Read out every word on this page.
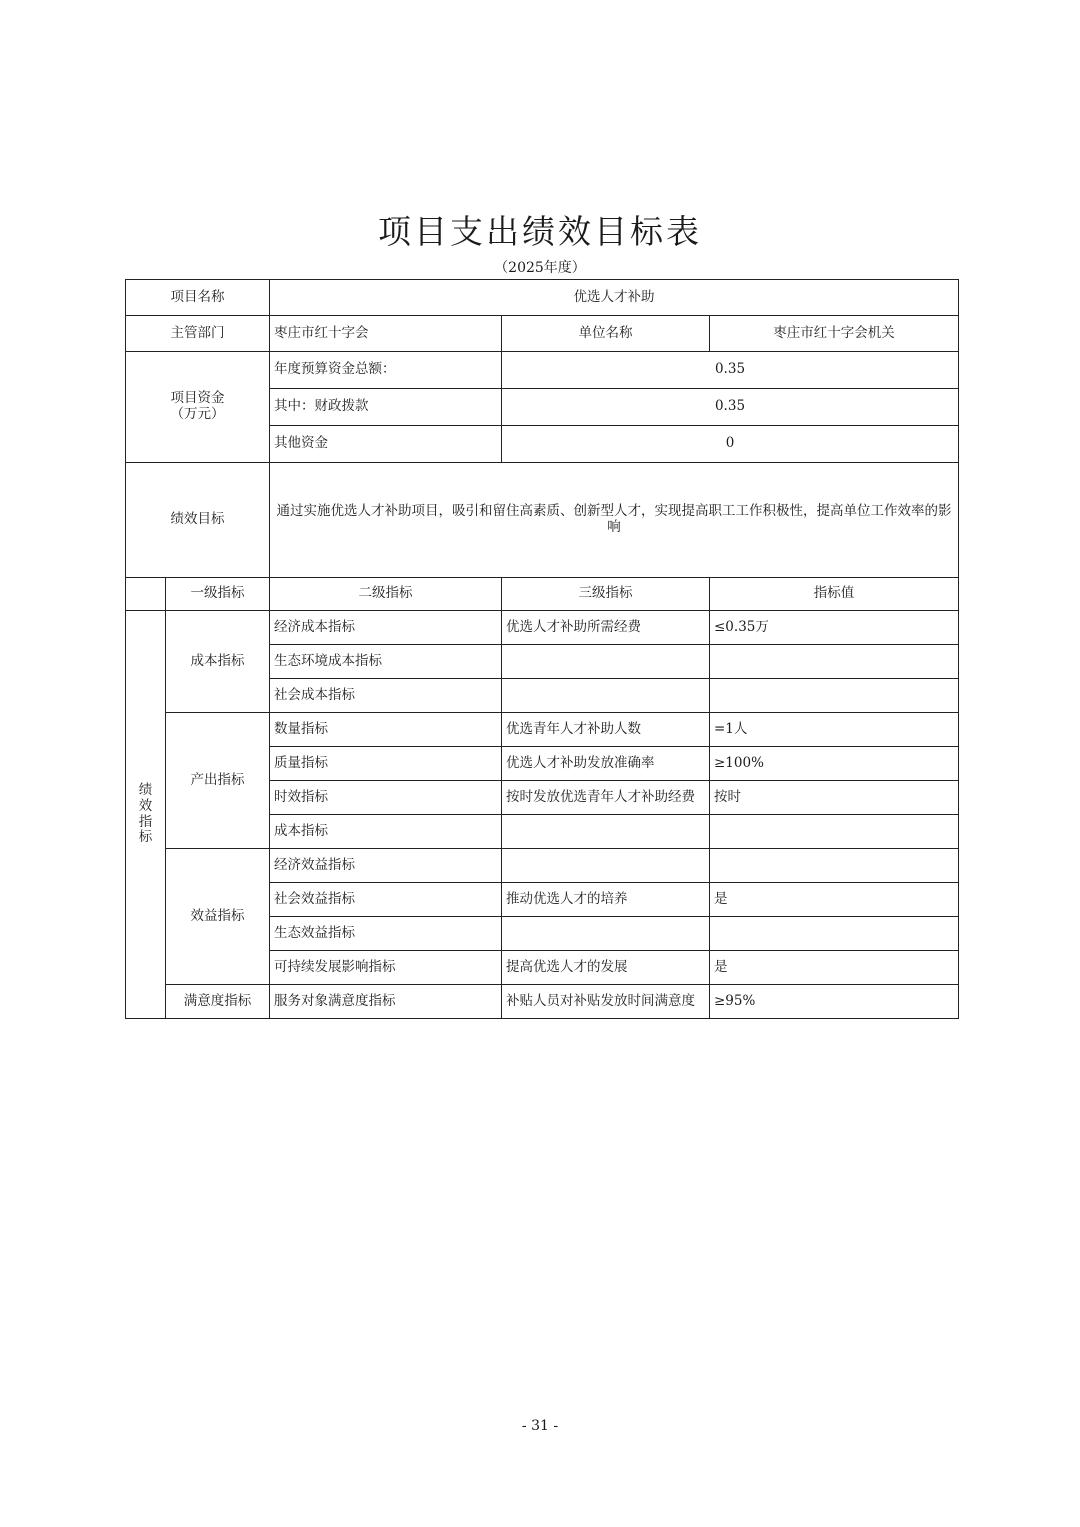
项目支出绩效目标表
（2025年度）
项目名称		优选人才补助		
主管部门		枣庄市红十字会	单位名称	枣庄市红十字会机关

项目资金
（万元）		年度预算资金总额：	0.35	
		其中：财政拨款	0.35	
		其他资金	0	
绩效目标		通过实施优选人才补助项目，吸引和留住高素质、创新型人才，实现提高职工工作积极性，提高单位工作效率的影响		
	一级指标	二级指标	三级指标	指标值

绩
效
指
标	成本指标	经济成本指标	优选人才补助所需经费	≤0.35万
		生态环境成本指标		
		社会成本指标		
	产出指标	数量指标	优选青年人才补助人数	=1人
		质量指标	优选人才补助发放准确率	≥100%
		时效指标	按时发放优选青年人才补助经费	按时
		成本指标		
	效益指标	经济效益指标		
		社会效益指标	推动优选人才的培养	是
		生态效益指标		
		可持续发展影响指标	提高优选人才的发展	是
	满意度指标	服务对象满意度指标	补贴人员对补贴发放时间满意度	≥95%
- 31 -
